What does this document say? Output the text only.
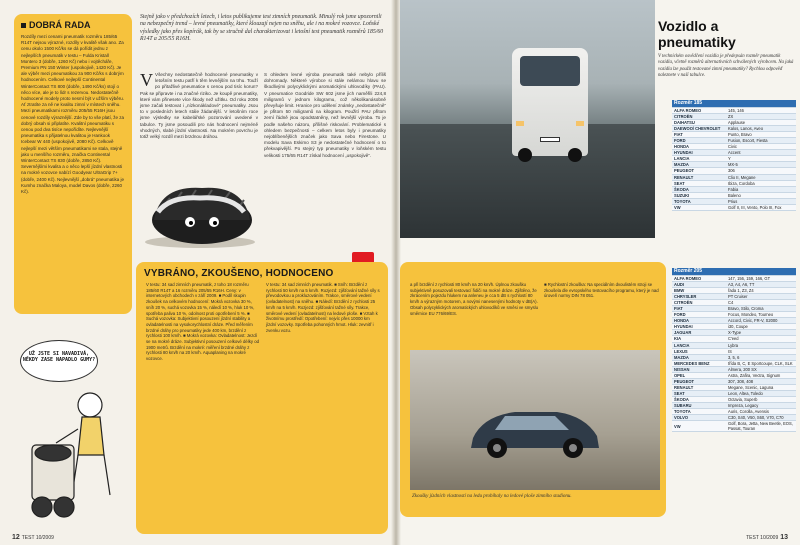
DOBRÁ RADA

Rozdíly mezi cenami pneumatik rozměru 185/65 R14T nejsou výrazné, rozdíly v kvalitě však ano. Za cenu okolo 1500 Kč/ks se dá pořídit jednu z nejlepších pneumatik v testu – Fulda Kristall Montero 3 (dobře, 1260 Kč) nebo i vojtěcháře, Premium PN 150 Winter (uspokojivě, 1420 Kč). Je ale výběr mezi pneumatikou za 900 Kč/ks s dobrým hodnocením. Celkové nejlepší Continental WinterContact TS 800 (dobře, 1490 Kč/ks) stojí o něco více, ale je to lídr s rezervou. Nedostatečně hodnocené modely proto nesmí být v užším výběru. Ať ztratíte za ně ne kvalitu zimní v místech sněhu. Mezi pneumatikami rozměru 205/55 R16H jsou cenové rozdíly výraznější. Zde by to vše platí, že za dobrý obsah si připlatíte. Kvalitní pneumatiku s cenou pod dva tisíce nepořídíte. Nejlevnější pneumatika s přijatelnou kvalitou je Hankook Icebear W 440 (uspokojivě, 2080 Kč). Celkově nejlepší mezi větším pneumatikami se stala, stejně jako u menšího rozměru, značka Continental WinterContact TS 830 (dobře, 2850 Kč). Severnějšími kvalita a o něco lepší jízdní vlastnosti na mokré vozovce nabízí Goodyear UltraGrip 7+ (dobře, 2400 Kč). Nejlevnější „dobrá“ pneumatika je Kumho značka Maloya, model Davos (dobře, 2260 Kč).

Stejně jako v předchozích letech, i letos publikujeme test zimních pneumatik. Minulý rok jsme upozornili na nebezpečný trend – levné pneumatiky, které klouzají nejen na sněhu, ale i na mokré vozovce. Loňské výsledky jako přes kopírák, tak by se stručně dal charakterizovat i letošní test pneumatik rozměrů 185/60 R14T a 205/55 R16H.
V Všechny nedostatečně hodnocené pneumatiky v letošním testu patří k těm levnějším na trhu. Touží po přitažlivé pneumatice s cenou pod tisíc korun? Pak se připravte i na značné riziko. Je koupě pneumatiky, které vám přinesete více škody než užitku. Od roku 2006 jsme začali testovat i „nízkonákladové“ pneumatiky. Jsou to v posledních letech stále žádanější. V letošním roce jsme výsledky se kabelářské pozorování uvedené v tabulce. Ty jsme posoudili pro nás hodnocení nejméně vhodných, slabé jízdní vlastnosti. Na mokrém povrchu je totiž velký rozdíl mezi brzdnou dráhou.
S ohledem levné výroba pneumatik také nebylo příliš dohromady. Některé výrobce si stále nelámou hlavu se škodlivými polycyklickými aromatickými uhlovodíky (PAU). V pneumatice Goodride SW 602 jsme jich naměřili 224,8 miligramů v jednom kilogramu, což několikanásobně převyšuje limit. Hranice pro udělení známky „nedostatečně“ je přitom 50 miligramů na kilogram. Použití PAU přitom zemí řádně jsou opodstatněny, než levnější výroba. To je podle našeho názoru, přílišné riskování. Problematické s ohledem bezpečnosti – celkem letos byly i pneumatiky nejoblíbenějších značek jako Sava nebo Firestone. U modelu Sava Eskimo S3 je nedostatečné hodnocení o to překvapivější. Po stejný typ pneumatiky v loňském testu velikosti 175/65 R14T získal hodnocení „uspokojivě“.
UŽ JSTE SI NAVADIVÁ, NĚKDY ZASE NAPADLO GUMY?
VYBRÁNO, ZKOUŠENO, HODNOCENO
V testu: 34 sad zimních pneumatik, z toho 18 rozměru 185/60 R14T a 16 rozměru 205/55 R16H. Ceny: v internetových obchodech v září 2009. ■ Podíl skupin zkoušek na celkovém hodnocení: Mokrá vozovka 30 %, sníh 20 %, suchá vozovka 15 %, náledí 10 %, hluk 10 %, spotřeba paliva 10 %, odolnost proti opotřebení 5 %. ■ Suchá vozovka: Subjektivní posouzení jízdní stability a ovladatelnosti na vysokorychlostní dráze. Před měřením brzdné dráhy pro pneumatiky jede 400 km, brzdění z rychlosti 100 km/h. ■ Mokrá vozovka: Ovladatelnost: Jezdí se na mokré dráze. Subjektivní posouzení celkové délky od 1900 metrů. Brzdění na mokré: měření brzdné dráhy z rychlosti 80 km/h na 20 km/h. Aquaplaning na mokré vozovce.
V testu: 34 sad zimních pneumatik. ■ Sníh: Brzdění z rychlosti 50 km/h na 5 km/h. Rozjezd: zjišťování tažné síly s převodovkou a prokluzováním. Trakce, směrové vedení (ovladatelnost) na sněhu. ■ Náledí: Brzdění z rychlosti 25 km/h na 5 km/h. Rozjezd: zjišťování tažné síly. Trakce, směrové vedení (ovladatelnost) na ledové ploše. ■ Vztah k životnímu prostředí: Opotřebení: nejvíc přes 10000 km jízdní vozovky. Spotřeba pohonných hmot. Hluk: zevnitř i zvenku vozu.
12 TEST 10/2009
Vozidlo a pneumatiky

V technickém osvědčení vozidla je předepsán rozměr pneumatik vozidla, včetně rozměrů alternativních schválených výrobcem. Na jaká vozidla lze použít testované zimní pneumatiky? Rychlou odpověď naleznete v naší tabulce.

Rozměr 185	
ALFA ROMEO	145, 146
CITROËN	ZX
DAIHATSU	Applause
DAEWOO/ CHEVROLET	Kalos, Lanos, Aveo
FIAT	Punto, Bravo
FORD	Fusion, Escort, Fiesta
HONDA	Civic
HYUNDAI	Accent
LANCIA	Y
MAZDA	MX-5
PEUGEOT	306
RENAULT	Clio II, Megane
SEAT	Ibiza, Cordoba
ŠKODA	Fabia
SUZUKI	Baleno
TOYOTA	Prius
VW	Golf II, III, Vento, Polo III, Fox
Rozměr 205	
ALFA ROMEO	147, 156, 159, 166, GT
AUDI	A3, A4, A6, TT
BMW	řada 1, Z3, Z4
CHRYSLER	PT Cruiser
CITROËN	C4
FIAT	Bravo, Stilo, Croma
FORD	Focus, Mondeo, Tourneo
HONDA	Accord, Civic, FR-V, S2000
HYUNDAI	i30, Coupe
JAGUAR	X-Type
KIA	C'eed
LANCIA	Lybra
LEXUS	IS
MAZDA	3, 5, 6
MERCEDES BENZ	třída B, C, E Sportcoupe, CLK, SLK
NISSAN	Almera, 200 SX
OPEL	Astra, Zafira, Vectra, Signum
PEUGEOT	307, 308, 408
RENAULT	Megane, Scenic, Laguna
SEAT	Leon, Altea, Toledo
ŠKODA	Octavia, Superb
SUBARU	Impreza, Legacy
TOYOTA	Auris, Corolla, Avensis
VOLVO	C30, S40, V50, S60, V70, C70
VW	Golf, Bora, Jetta, New Beetle, EOS, Passat, Touran
a při brzdění z rychlosti 80 km/h na 20 km/h. Úplnou zkoušku subjektivně posuzovali testovací řidiči na mokré dráze. Zjištěno, že zkrácením pojezdu hlukem na anleneu je cca 5 dB s rychlostí 80 km/h a výrazným motorem, a novými nanesenými hodnoty v dB(A). Obsah polycyklických aromatických uhlovodíků ve směsi ve smyslu směrnice EU 776/69/ES.
■ Rychlostní zkouška: Na speciálním dvoulistém stroji se zkoušela dle evropského testovacího programu, který je nad úroveň normy DIN 78 051.
Zkoušky jízdních vlastností na ledu probíhaly na ledové ploše zimního stadionu.
TEST 10/2009 13
